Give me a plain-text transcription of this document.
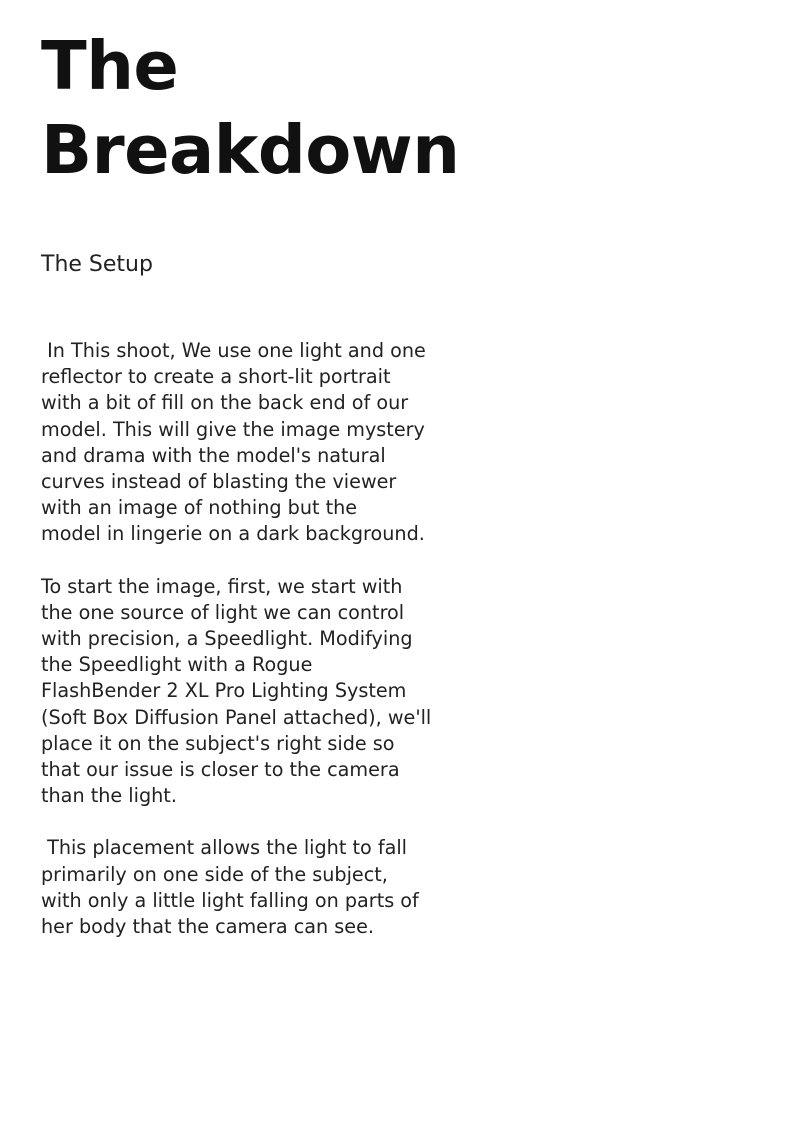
The
Breakdown
The Setup

In This shoot, We use one light and one
reflector to create a short-lit portrait
with a bit of fill on the back end of our
model. This will give the image mystery
and drama with the model's natural
curves instead of blasting the viewer
with an image of nothing but the
model in lingerie on a dark background.

To start the image, first, we start with
the one source of light we can control
with precision, a Speedlight. Modifying
the Speedlight with a Rogue
FlashBender 2 XL Pro Lighting System
(Soft Box Diffusion Panel attached), we'll
place it on the subject's right side so
that our issue is closer to the camera
than the light.

This placement allows the light to fall
primarily on one side of the subject,
with only a little light falling on parts of
her body that the camera can see.
